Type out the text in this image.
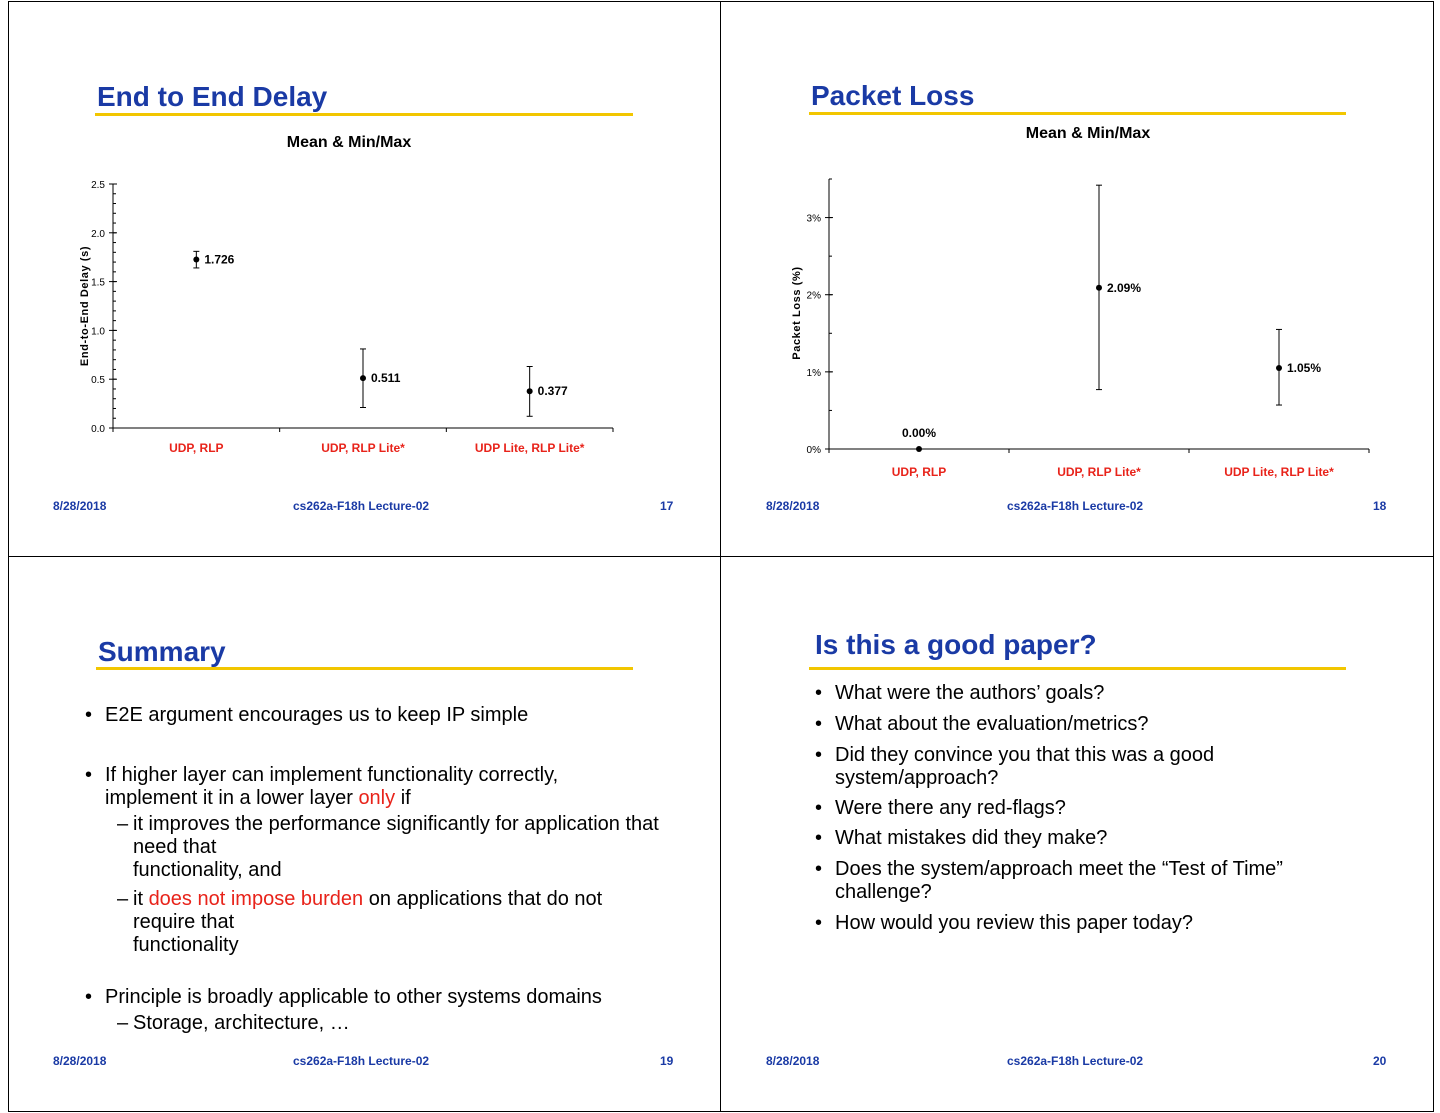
End to End Delay
Mean & Min/Max
End-to-End Delay (s)
0.0
0.5
1.0
1.5
2.0
2.5
UDP, RLP
1.726
UDP, RLP Lite*
0.511
UDP Lite, RLP Lite*
0.377
8/28/2018	cs262a-F18h Lecture-02	17
Packet Loss
Mean & Min/Max
Packet Loss (%)
0%
1%
2%
3%
UDP, RLP
0.00%
UDP, RLP Lite*
2.09%
UDP Lite, RLP Lite*
1.05%
8/28/2018	cs262a-F18h Lecture-02	18
Summary
• E2E argument encourages us to keep IP simple
• If higher layer can implement functionality correctly,
implement it in a lower layer only if
– it improves the performance significantly for application that need that
functionality, and
– it does not impose burden on applications that do not require that
functionality
• Principle is broadly applicable to other systems domains
– Storage, architecture, …
8/28/2018	cs262a-F18h Lecture-02	19
Is this a good paper?
• What were the authors’ goals?
• What about the evaluation/metrics?
• Did they convince you that this was a good
system/approach?
• Were there any red-flags?
• What mistakes did they make?
• Does the system/approach meet the “Test of Time”
challenge?
• How would you review this paper today?
8/28/2018	cs262a-F18h Lecture-02	20
